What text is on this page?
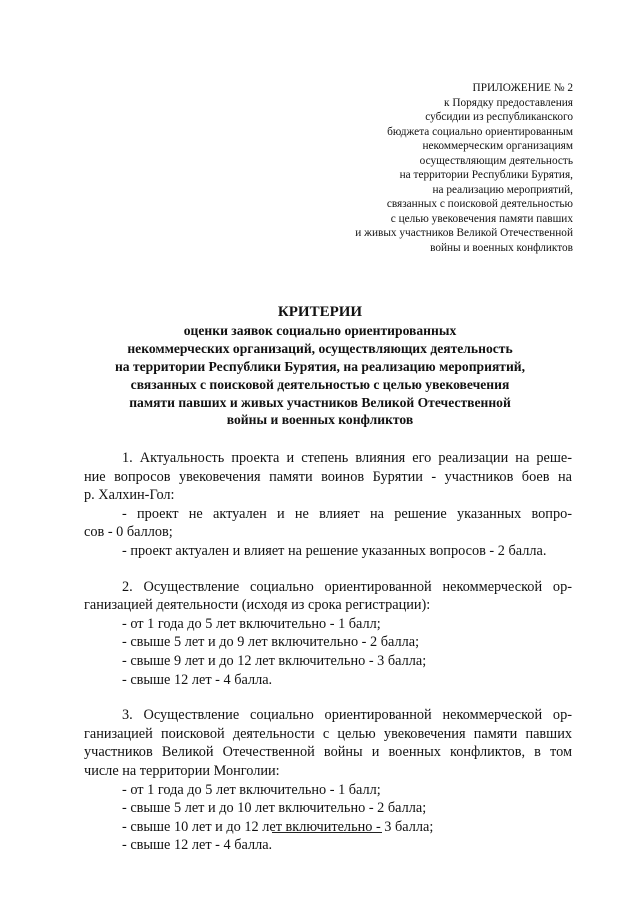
ПРИЛОЖЕНИЕ № 2
к Порядку предоставления
субсидии из республиканского
бюджета социально ориентированным
некоммерческим организациям
осуществляющим деятельность
на территории Республики Бурятия,
на реализацию мероприятий,
связанных с поисковой деятельностью
с целью увековечения памяти павших
и живых участников Великой Отечественной
войны и военных конфликтов
КРИТЕРИИ
оценки заявок социально ориентированных
некоммерческих организаций, осуществляющих деятельность
на территории Республики Бурятия, на реализацию мероприятий,
связанных с поисковой деятельностью с целью увековечения
памяти павших и живых участников Великой Отечественной
войны и военных конфликтов
1. Актуальность проекта и степень влияния его реализации на реше-
ние вопросов увековечения памяти воинов Бурятии - участников боев на
р. Халхин-Гол:
- проект не актуален и не влияет на решение указанных вопро-
сов - 0 баллов;
- проект актуален и влияет на решение указанных вопросов - 2 балла.
2. Осуществление социально ориентированной некоммерческой ор-
ганизацией деятельности (исходя из срока регистрации):
- от 1 года до 5 лет включительно - 1 балл;
- свыше 5 лет и до 9 лет включительно - 2 балла;
- свыше 9 лет и до 12 лет включительно - 3 балла;
- свыше 12 лет - 4 балла.
3. Осуществление социально ориентированной некоммерческой ор-
ганизацией поисковой деятельности с целью увековечения памяти павших
участников Великой Отечественной войны и военных конфликтов, в том
числе на территории Монголии:
- от 1 года до 5 лет включительно - 1 балл;
- свыше 5 лет и до 10 лет включительно - 2 балла;
- свыше 10 лет и до 12 лет включительно - 3 балла;
- свыше 12 лет - 4 балла.
